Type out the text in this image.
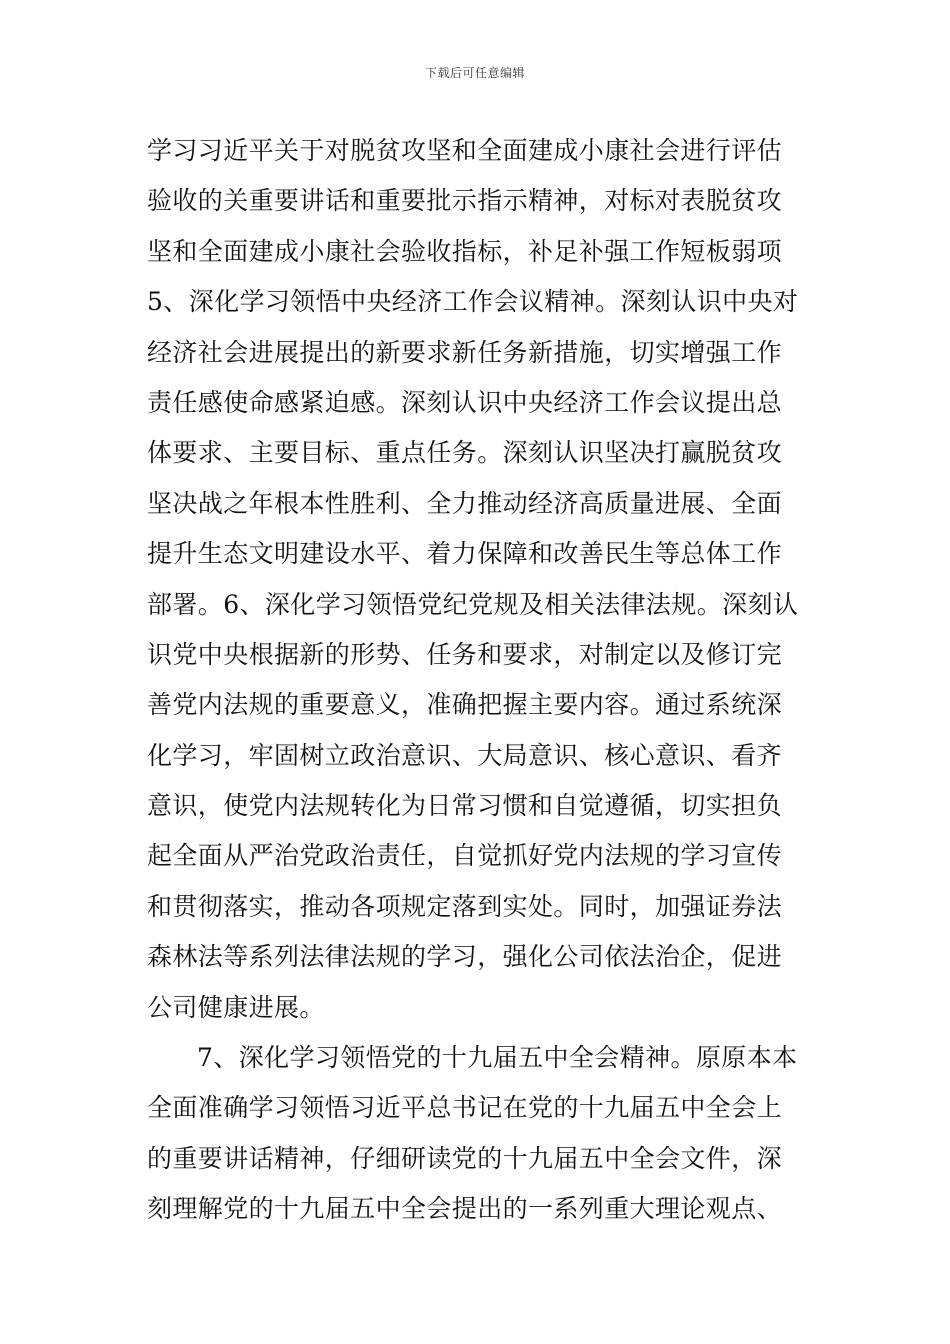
下载后可任意编辑
学习习近平关于对脱贫攻坚和全面建成小康社会进行评估
验收的关重要讲话和重要批示指示精神，对标对表脱贫攻
坚和全面建成小康社会验收指标，补足补强工作短板弱项
5、深化学习领悟中央经济工作会议精神。深刻认识中央对
经济社会进展提出的新要求新任务新措施，切实增强工作
责任感使命感紧迫感。深刻认识中央经济工作会议提出总
体要求、主要目标、重点任务。深刻认识坚决打赢脱贫攻
坚决战之年根本性胜利、全力推动经济高质量进展、全面
提升生态文明建设水平、着力保障和改善民生等总体工作
部署。6、深化学习领悟党纪党规及相关法律法规。深刻认
识党中央根据新的形势、任务和要求，对制定以及修订完
善党内法规的重要意义，准确把握主要内容。通过系统深
化学习，牢固树立政治意识、大局意识、核心意识、看齐
意识，使党内法规转化为日常习惯和自觉遵循，切实担负
起全面从严治党政治责任，自觉抓好党内法规的学习宣传
和贯彻落实，推动各项规定落到实处。同时，加强证券法
森林法等系列法律法规的学习，强化公司依法治企，促进
公司健康进展。
7、深化学习领悟党的十九届五中全会精神。原原本本
全面准确学习领悟习近平总书记在党的十九届五中全会上
的重要讲话精神，仔细研读党的十九届五中全会文件，深
刻理解党的十九届五中全会提出的一系列重大理论观点、
